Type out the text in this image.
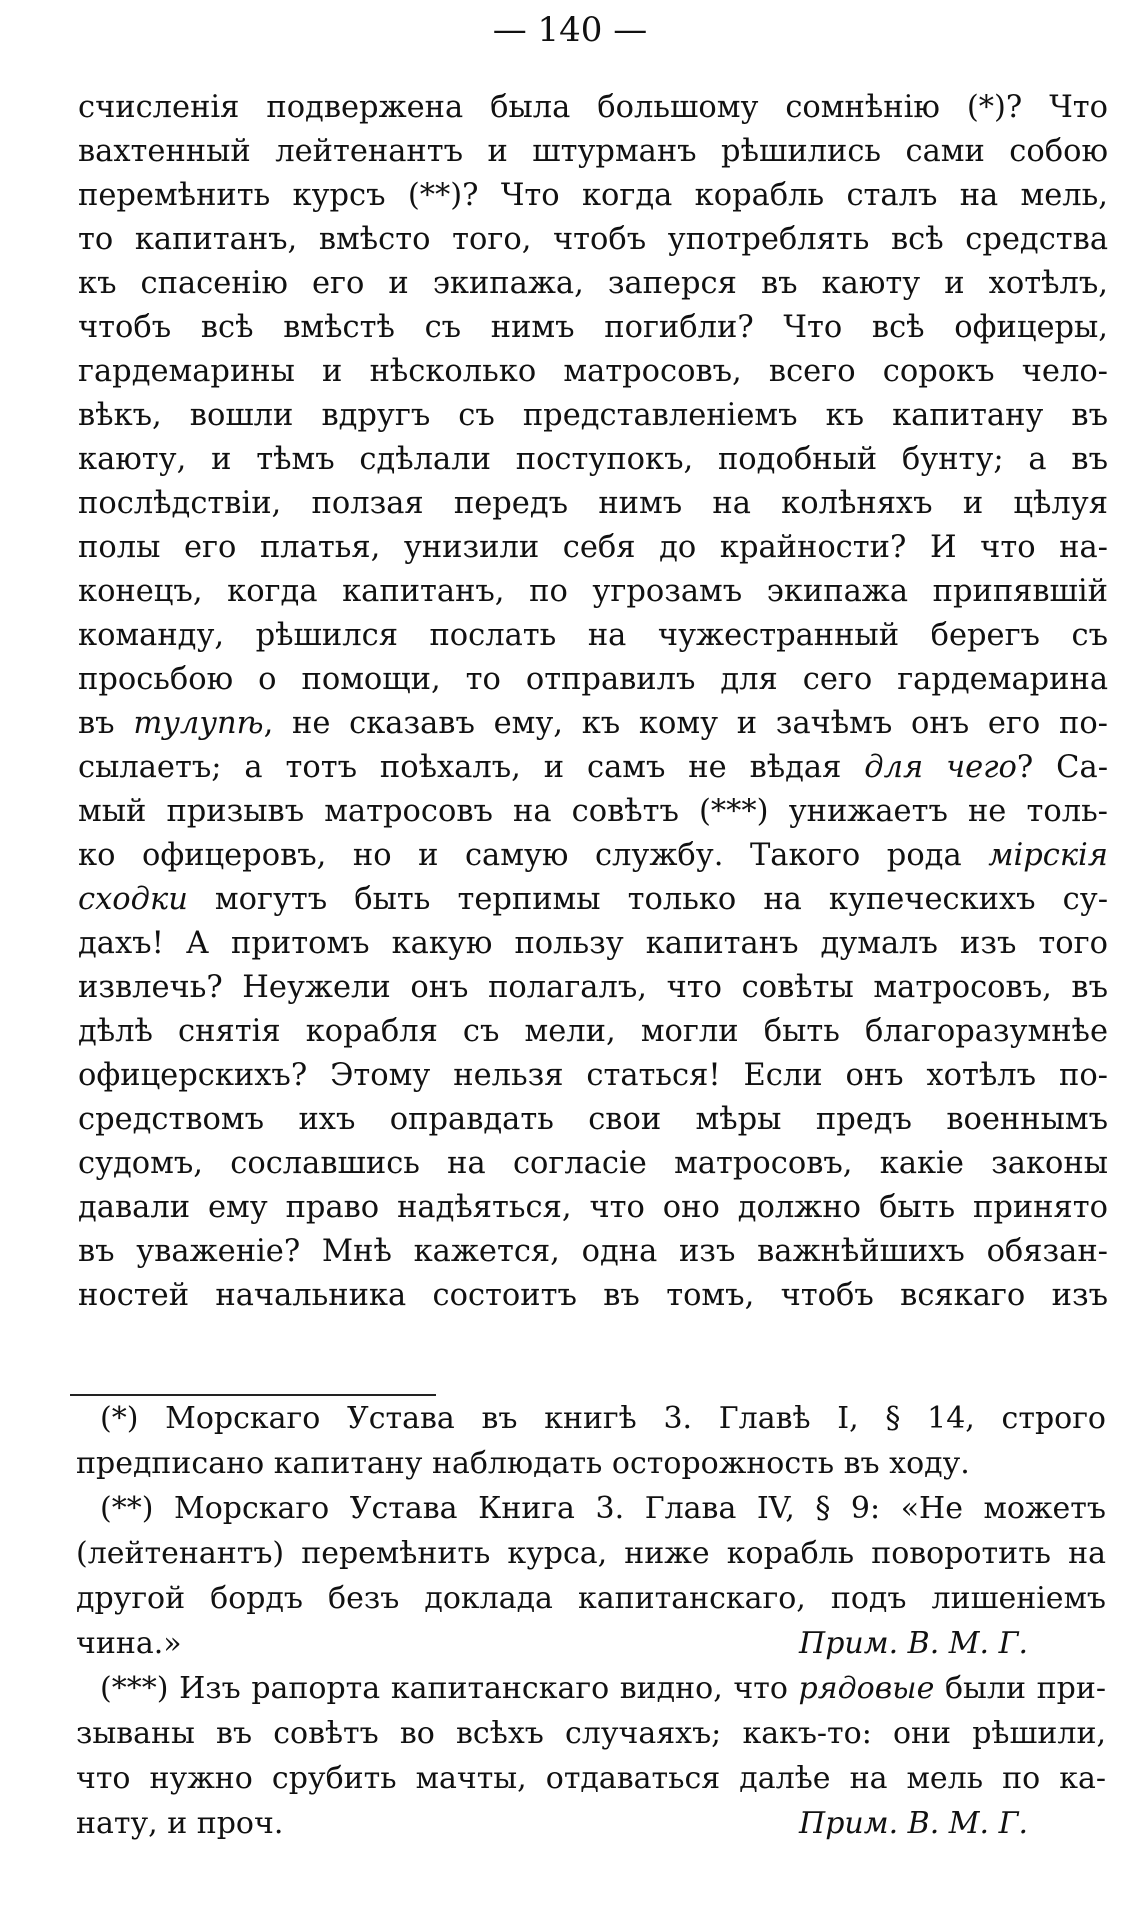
— 140 —
счисленія подвержена была большому сомнѣнію (*)? Что
вахтенный лейтенантъ и штурманъ рѣшились сами собою
перемѣнить курсъ (**)? Что когда корабль сталъ на мель,
то капитанъ, вмѣсто того, чтобъ употреблять всѣ средства
къ спасенію его и экипажа, заперся въ каюту и хотѣлъ,
чтобъ всѣ вмѣстѣ съ нимъ погибли? Что всѣ офицеры,
гардемарины и нѣсколько матросовъ, всего сорокъ чело-
вѣкъ, вошли вдругъ съ представленіемъ къ капитану въ
каюту, и тѣмъ сдѣлали поступокъ, подобный бунту; а въ
послѣдствіи, ползая передъ нимъ на колѣняхъ и цѣлуя
полы его платья, унизили себя до крайности? И что на-
конецъ, когда капитанъ, по угрозамъ экипажа припявшій
команду, рѣшился послать на чужестранный берегъ съ
просьбою о помощи, то отправилъ для сего гардемарина
въ тулупѣ, не сказавъ ему, къ кому и зачѣмъ онъ его по-
сылаетъ; а тотъ поѣхалъ, и самъ не вѣдая для чего? Са-
мый призывъ матросовъ на совѣтъ (***) унижаетъ не толь-
ко офицеровъ, но и самую службу. Такого рода мірскія
сходки могутъ быть терпимы только на купеческихъ су-
дахъ! А притомъ какую пользу капитанъ думалъ изъ того
извлечь? Неужели онъ полагалъ, что совѣты матросовъ, въ
дѣлѣ снятія корабля съ мели, могли быть благоразумнѣе
офицерскихъ? Этому нельзя статься! Если онъ хотѣлъ по-
средствомъ ихъ оправдать свои мѣры предъ военнымъ
судомъ, сославшись на согласіе матросовъ, какіе законы
давали ему право надѣяться, что оно должно быть принято
въ уваженіе? Мнѣ кажется, одна изъ важнѣйшихъ обязан-
ностей начальника состоитъ въ томъ, чтобъ всякаго изъ
(*) Морскаго Устава въ книгѣ 3. Главѣ I, § 14, строго
предписано капитану наблюдать осторожность въ ходу.
(**) Морскаго Устава Книга 3. Глава IV, § 9: «Не можетъ
(лейтенантъ) перемѣнить курса, ниже корабль поворотить на
другой бордъ безъ доклада капитанскаго, подъ лишеніемъ
чина.»	Прим. В. М. Г.
(***) Изъ рапорта капитанскаго видно, что рядовые были при-
зываны въ совѣтъ во всѣхъ случаяхъ; какъ-то: они рѣшили,
что нужно срубить мачты, отдаваться далѣе на мель по ка-
нату, и проч.	Прим. В. М. Г.
